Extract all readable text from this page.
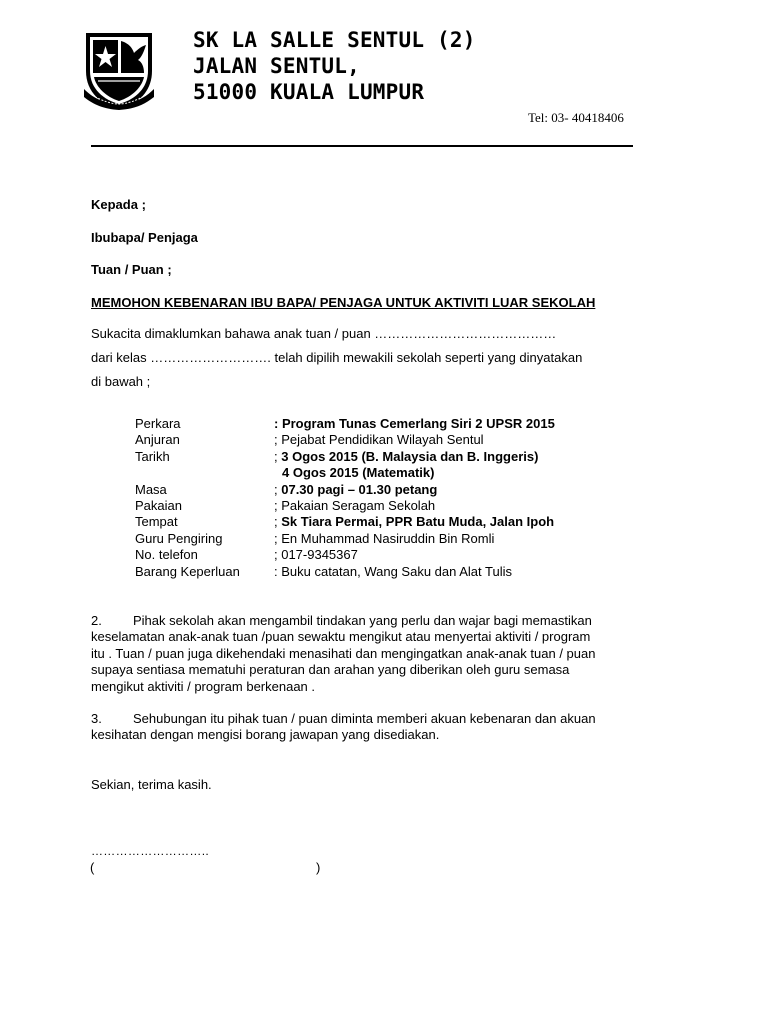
SK LA SALLE SENTUL (2)
JALAN SENTUL,
51000 KUALA LUMPUR
Tel: 03- 40418406
Kepada ;
Ibubapa/ Penjaga
Tuan / Puan ;
MEMOHON KEBENARAN IBU BAPA/ PENJAGA UNTUK AKTIVITI LUAR SEKOLAH
Sukacita dimaklumkan bahawa anak tuan / puan ……………………………………
dari kelas ………………………. telah dipilih mewakili sekolah seperti yang dinyatakan
di bawah ;
Perkara	: Program Tunas Cemerlang Siri 2 UPSR 2015
Anjuran	; Pejabat Pendidikan Wilayah Sentul
Tarikh	; 3 Ogos 2015 (B. Malaysia dan B. Inggeris)
4 Ogos 2015 (Matematik)
Masa	; 07.30 pagi – 01.30 petang
Pakaian	; Pakaian Seragam Sekolah
Tempat	; Sk Tiara Permai, PPR Batu Muda, Jalan Ipoh
Guru Pengiring	; En Muhammad Nasiruddin Bin Romli
No. telefon	; 017-9345367
Barang Keperluan	: Buku catatan, Wang Saku dan Alat Tulis
2. Pihak sekolah akan mengambil tindakan yang perlu dan wajar bagi memastikan
keselamatan anak-anak tuan /puan sewaktu mengikut atau menyertai aktiviti / program
itu . Tuan / puan juga dikehendaki menasihati dan mengingatkan anak-anak tuan / puan
supaya sentiasa mematuhi peraturan dan arahan yang diberikan oleh guru semasa
mengikut aktiviti / program berkenaan .
3. Sehubungan itu pihak tuan / puan diminta memberi akuan kebenaran dan akuan
kesihatan dengan mengisi borang jawapan yang disediakan.
Sekian, terima kasih.
………………………..
(	)
